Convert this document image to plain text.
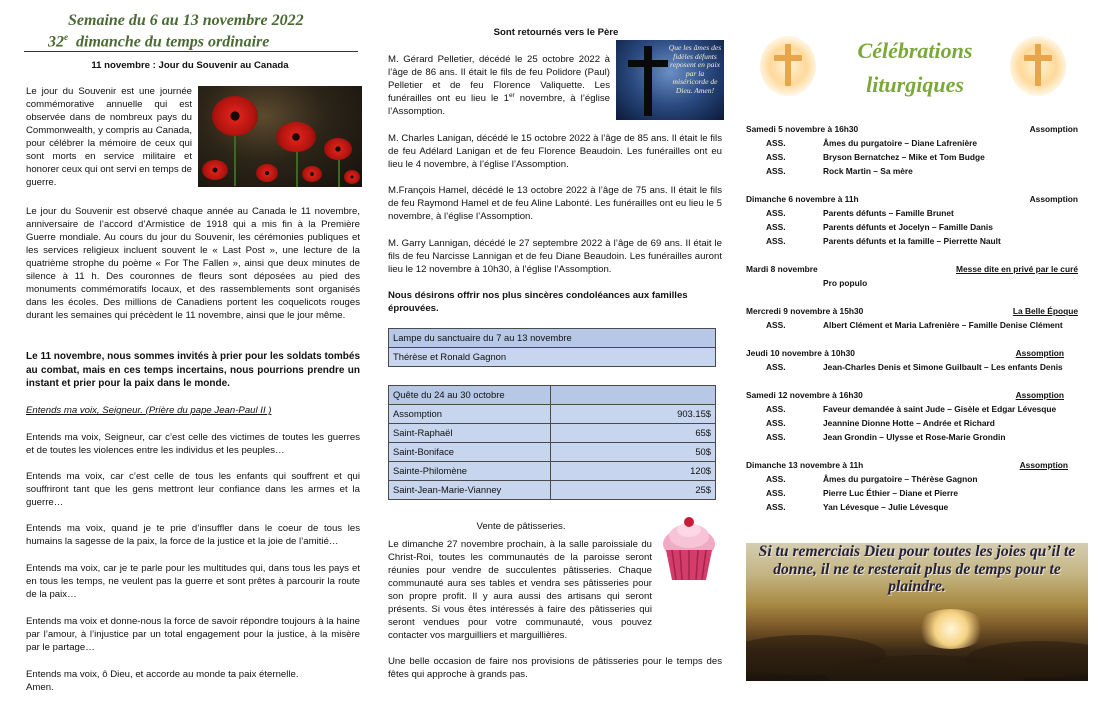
Semaine du 6 au 13 novembre 2022
32e dimanche du temps ordinaire
11 novembre : Jour du Souvenir au Canada
Le jour du Souvenir est une journée commémorative annuelle qui est observée dans de nombreux pays du Commonwealth, y compris au Canada, pour célébrer la mémoire de ceux qui sont morts en service militaire et honorer ceux qui ont servi en temps de guerre.
Le jour du Souvenir est observé chaque année au Canada le 11 novembre, anniversaire de l’accord d’Armistice de 1918 qui a mis fin à la Première Guerre mondiale. Au cours du jour du Souvenir, les cérémonies publiques et les services religieux incluent souvent le « Last Post », une lecture de la quatrième strophe du poème « For The Fallen », ainsi que deux minutes de silence à 11 h. Des couronnes de fleurs sont déposées au pied des monuments commémoratifs locaux, et des rassemblements sont organisés dans les écoles. Des millions de Canadiens portent les coquelicots rouges durant les semaines qui précèdent le 11 novembre, ainsi que le jour même.
Le 11 novembre, nous sommes invités à prier pour les soldats tombés au combat, mais en ces temps incertains, nous pourrions prendre un instant et prier pour la paix dans le monde.
Entends ma voix, Seigneur. (Prière du pape Jean-Paul II )
Entends ma voix, Seigneur, car c’est celle des victimes de toutes les guerres et de toutes les violences entre les individus et les peuples…
Entends ma voix, car c’est celle de tous les enfants qui souffrent et qui souffriront tant que les gens mettront leur confiance dans les armes et la guerre…
Entends ma voix, quand je te prie d’insuffler dans le coeur de tous les humains la sagesse de la paix, la force de la justice et la joie de l’amitié…
Entends ma voix, car je te parle pour les multitudes qui, dans tous les pays et en tous les temps, ne veulent pas la guerre et sont prêtes à parcourir la route de la paix…
Entends ma voix et donne-nous la force de savoir répondre toujours à la haine par l’amour, à l’injustice par un total engagement pour la justice, à la misère par le partage…
Entends ma voix, ô Dieu, et accorde au monde ta paix éternelle.
Amen.
Sont retournés vers le Père
Que les âmes des fidèles défunts reposent en paix par la miséricorde de Dieu. Amen!
M. Gérard Pelletier, décédé le 25 octobre 2022 à l’âge de 86 ans. Il était le fils de feu Polidore (Paul) Pelletier et de feu Florence Valiquette. Les funérailles ont eu lieu le 1er novembre, à l’église l’Assomption.
M. Charles Lanigan, décédé le 15 octobre 2022 à l’âge de 85 ans. Il était le fils de feu Adélard Lanigan et de feu Florence Beaudoin. Les funérailles ont eu lieu le 4 novembre, à l’église l’Assomption.
M.François Hamel, décédé le 13 octobre 2022 à l’âge de 75 ans. Il était le fils de feu Raymond Hamel et de feu Aline Labonté. Les funérailles ont eu lieu le 5 novembre, à l’église l’Assomption.
M. Garry Lannigan, décédé le 27 septembre 2022 à l’âge de 69 ans. Il était le fils de feu Narcisse Lannigan et de feu Diane Beaudoin. Les funérailles auront lieu le 12 novembre à 10h30, à l’église l’Assomption.
Nous désirons offrir nos plus sincères condoléances aux familles éprouvées.
Lampe du sanctuaire du 7 au 13 novembre
Thérèse et Ronald Gagnon
Quête du 24 au 30 octobre	
Assomption	903.15$
Saint-Raphaël	65$
Saint-Boniface	50$
Sainte-Philomène	120$
Saint-Jean-Marie-Vianney	25$
Vente de pâtisseries.
Le dimanche 27 novembre prochain, à la salle paroissiale du Christ-Roi, toutes les communautés de la paroisse seront réunies pour vendre de succulentes pâtisseries. Chaque communauté aura ses tables et vendra ses pâtisseries pour son propre profit. Il y aura aussi des artisans qui seront présents. Si vous êtes intéressés à faire des pâtisseries qui seront vendues pour votre communauté, vous pouvez contacter vos marguilliers et marguillières.
Une belle occasion de faire nos provisions de pâtisseries pour le temps des fêtes qui approche à grands pas.
Célébrations
liturgiques
Samedi 5 novembre à 16h30	Assomption
ASS.	Âmes du purgatoire – Diane Lafrenière
ASS.	Bryson Bernatchez – Mike et Tom Budge
ASS.	Rock Martin – Sa mère
Dimanche 6 novembre à 11h	Assomption
ASS.	Parents défunts – Famille Brunet
ASS.	Parents défunts et Jocelyn – Famille Danis
ASS.	Parents défunts et la famille – Pierrette Nault
Mardi 8 novembre	Messe dite en privé par le curé
Pro populo
Mercredi 9 novembre à 15h30	La Belle Époque
ASS.	Albert Clément et Maria Lafrenière – Famille Denise Clément
Jeudi 10 novembre à 10h30	Assomption
ASS.	Jean-Charles Denis et Simone Guilbault – Les enfants Denis
Samedi 12 novembre à 16h30	Assomption
ASS.	Faveur demandée à saint Jude – Gisèle et Edgar Lévesque
ASS.	Jeannine Dionne Hotte – Andrée et Richard
ASS.	Jean Grondin – Ulysse et Rose-Marie Grondin
Dimanche 13 novembre à 11h	Assomption
ASS.	Âmes du purgatoire – Thérèse Gagnon
ASS.	Pierre Luc Éthier – Diane et Pierre
ASS.	Yan Lévesque – Julie Lévesque
Si tu remerciais Dieu pour toutes les joies qu’il te donne, il ne te resterait plus de temps pour te plaindre.
